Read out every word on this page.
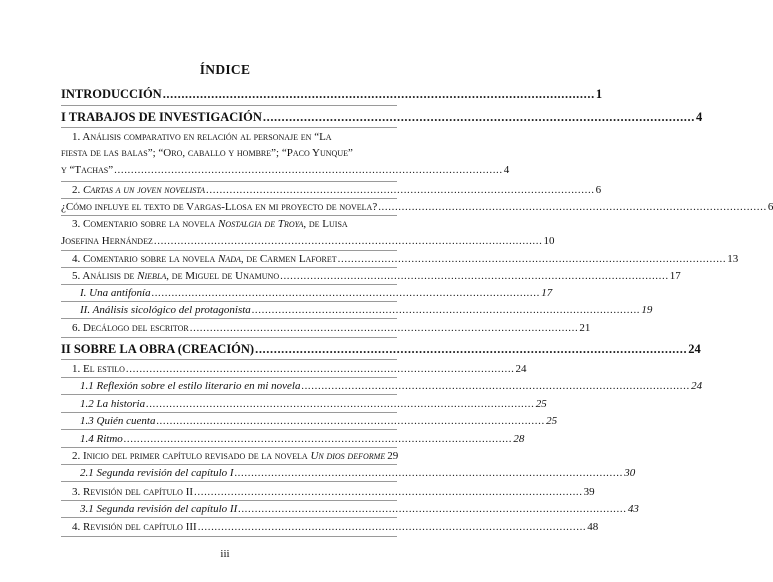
ÍNDICE
INTRODUCCIÓN .................................................................................................................... 1
I TRABAJOS DE INVESTIGACIÓN .................................................................................................................... 4
1. Análisis comparativo en relación al personaje en “La
fiesta de las balas”; “Oro, caballo y hombre”; “Paco Yunque”
y “Tachas” .................................................................................................................... 4
2. Cartas a un joven novelista .................................................................................................................... 6
¿Cómo influye el texto de Vargas-Llosa en mi proyecto de novela? .................................................................................................................... 6
3. Comentario sobre la novela Nostalgia de Troya, de Luisa
Josefina Hernández .................................................................................................................... 10
4. Comentario sobre la novela Nada, de Carmen Laforet .................................................................................................................... 13
5. Análisis de Niebla, de Miguel de Unamuno .................................................................................................................... 17
I. Una antifonía .................................................................................................................... 17
II. Análisis sicológico del protagonista .................................................................................................................... 19
6. Decálogo del escritor .................................................................................................................... 21
II SOBRE LA OBRA (CREACIÓN) .................................................................................................................... 24
1. El estilo .................................................................................................................... 24
1.1 Reflexión sobre el estilo literario en mi novela .................................................................................................................... 24
1.2 La historia .................................................................................................................... 25
1.3 Quién cuenta .................................................................................................................... 25
1.4 Ritmo .................................................................................................................... 28
2. Inicio del primer capítulo revisado de la novela Un dios deforme 29
2.1 Segunda revisión del capítulo I .................................................................................................................... 30
3. Revisión del capítulo II .................................................................................................................... 39
3.1 Segunda revisión del capítulo II .................................................................................................................... 43
4. Revisión del capítulo III .................................................................................................................... 48
iii
